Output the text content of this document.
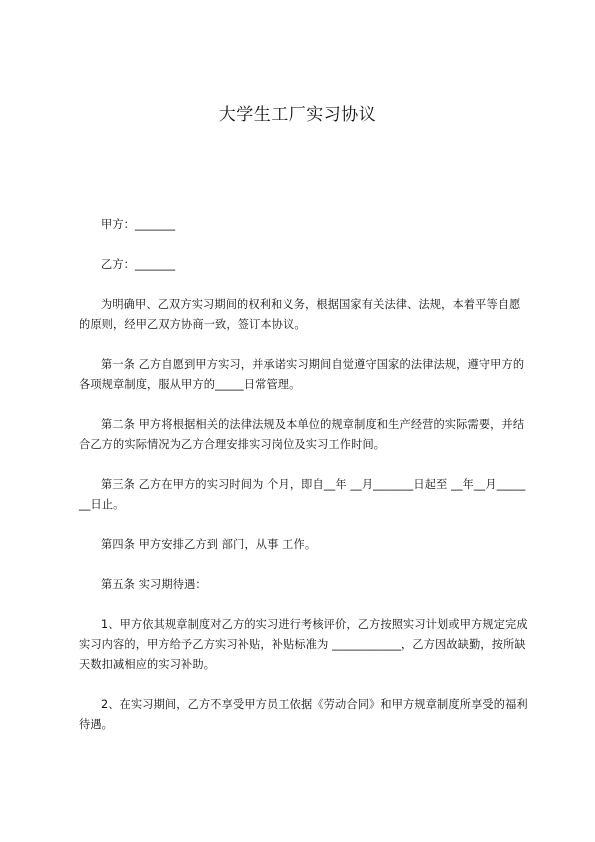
大学生工厂实习协议

甲方：_______

乙方：_______

为明确甲、乙双方实习期间的权利和义务，根据国家有关法律、法规，本着平等自愿的原则，经甲乙双方协商一致，签订本协议。

第一条 乙方自愿到甲方实习，并承诺实习期间自觉遵守国家的法律法规，遵守甲方的各项规章制度，服从甲方的_____日常管理。

第二条 甲方将根据相关的法律法规及本单位的规章制度和生产经营的实际需要，并结合乙方的实际情况为乙方合理安排实习岗位及实习工作时间。

第三条 乙方在甲方的实习时间为 个月，即自__年 __月_______日起至 __年__月_______日止。

第四条 甲方安排乙方到 部门，从事 工作。

第五条 实习期待遇：

1、甲方依其规章制度对乙方的实习进行考核评价，乙方按照实习计划或甲方规定完成实习内容的，甲方给予乙方实习补贴，补贴标准为 ____________，乙方因故缺勤，按所缺天数扣减相应的实习补助。

2、在实习期间，乙方不享受甲方员工依据《劳动合同》和甲方规章制度所享受的福利待遇。
